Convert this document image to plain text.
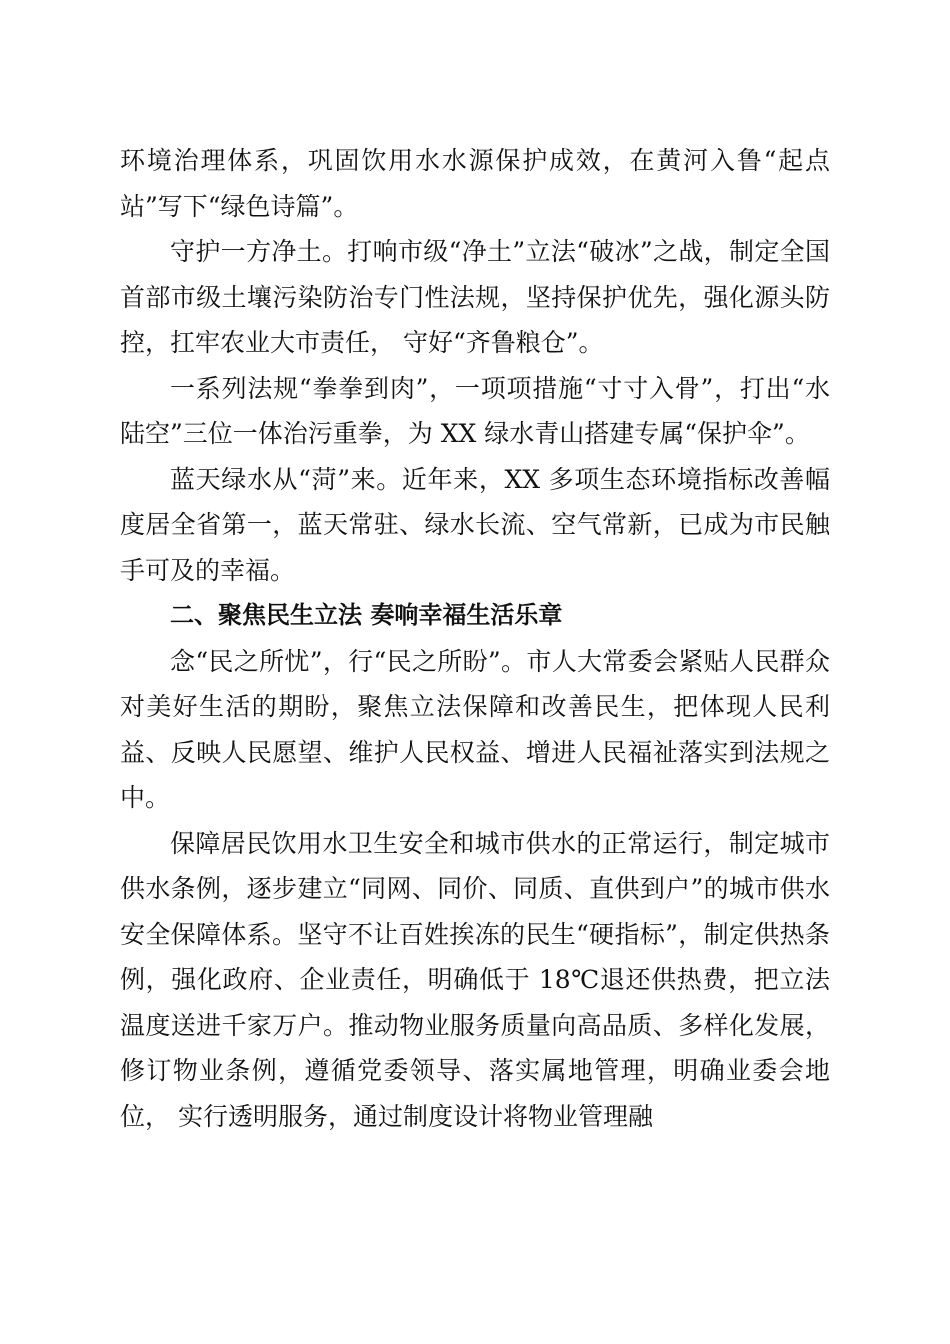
环境治理体系，巩固饮用水水源保护成效，在黄河入鲁“起点站”写下“绿色诗篇”。

守护一方净土。打响市级“净土”立法“破冰”之战，制定全国首部市级土壤污染防治专门性法规，坚持保护优先，强化源头防控，扛牢农业大市责任， 守好“齐鲁粮仓”。

一系列法规“拳拳到肉”，一项项措施“寸寸入骨”，打出“水陆空”三位一体治污重拳，为 XX 绿水青山搭建专属“保护伞”。

蓝天绿水从“菏”来。近年来，XX 多项生态环境指标改善幅度居全省第一，蓝天常驻、绿水长流、空气常新，已成为市民触手可及的幸福。

二、聚焦民生立法 奏响幸福生活乐章

念“民之所忧”，行“民之所盼”。市人大常委会紧贴人民群众对美好生活的期盼，聚焦立法保障和改善民生，把体现人民利益、反映人民愿望、维护人民权益、增进人民福祉落实到法规之中。

保障居民饮用水卫生安全和城市供水的正常运行，制定城市供水条例，逐步建立“同网、同价、同质、直供到户”的城市供水安全保障体系。坚守不让百姓挨冻的民生“硬指标”，制定供热条例，强化政府、企业责任，明确低于 18℃退还供热费，把立法温度送进千家万户。推动物业服务质量向高品质、多样化发展，修订物业条例，遵循党委领导、落实属地管理，明确业委会地位， 实行透明服务，通过制度设计将物业管理融
